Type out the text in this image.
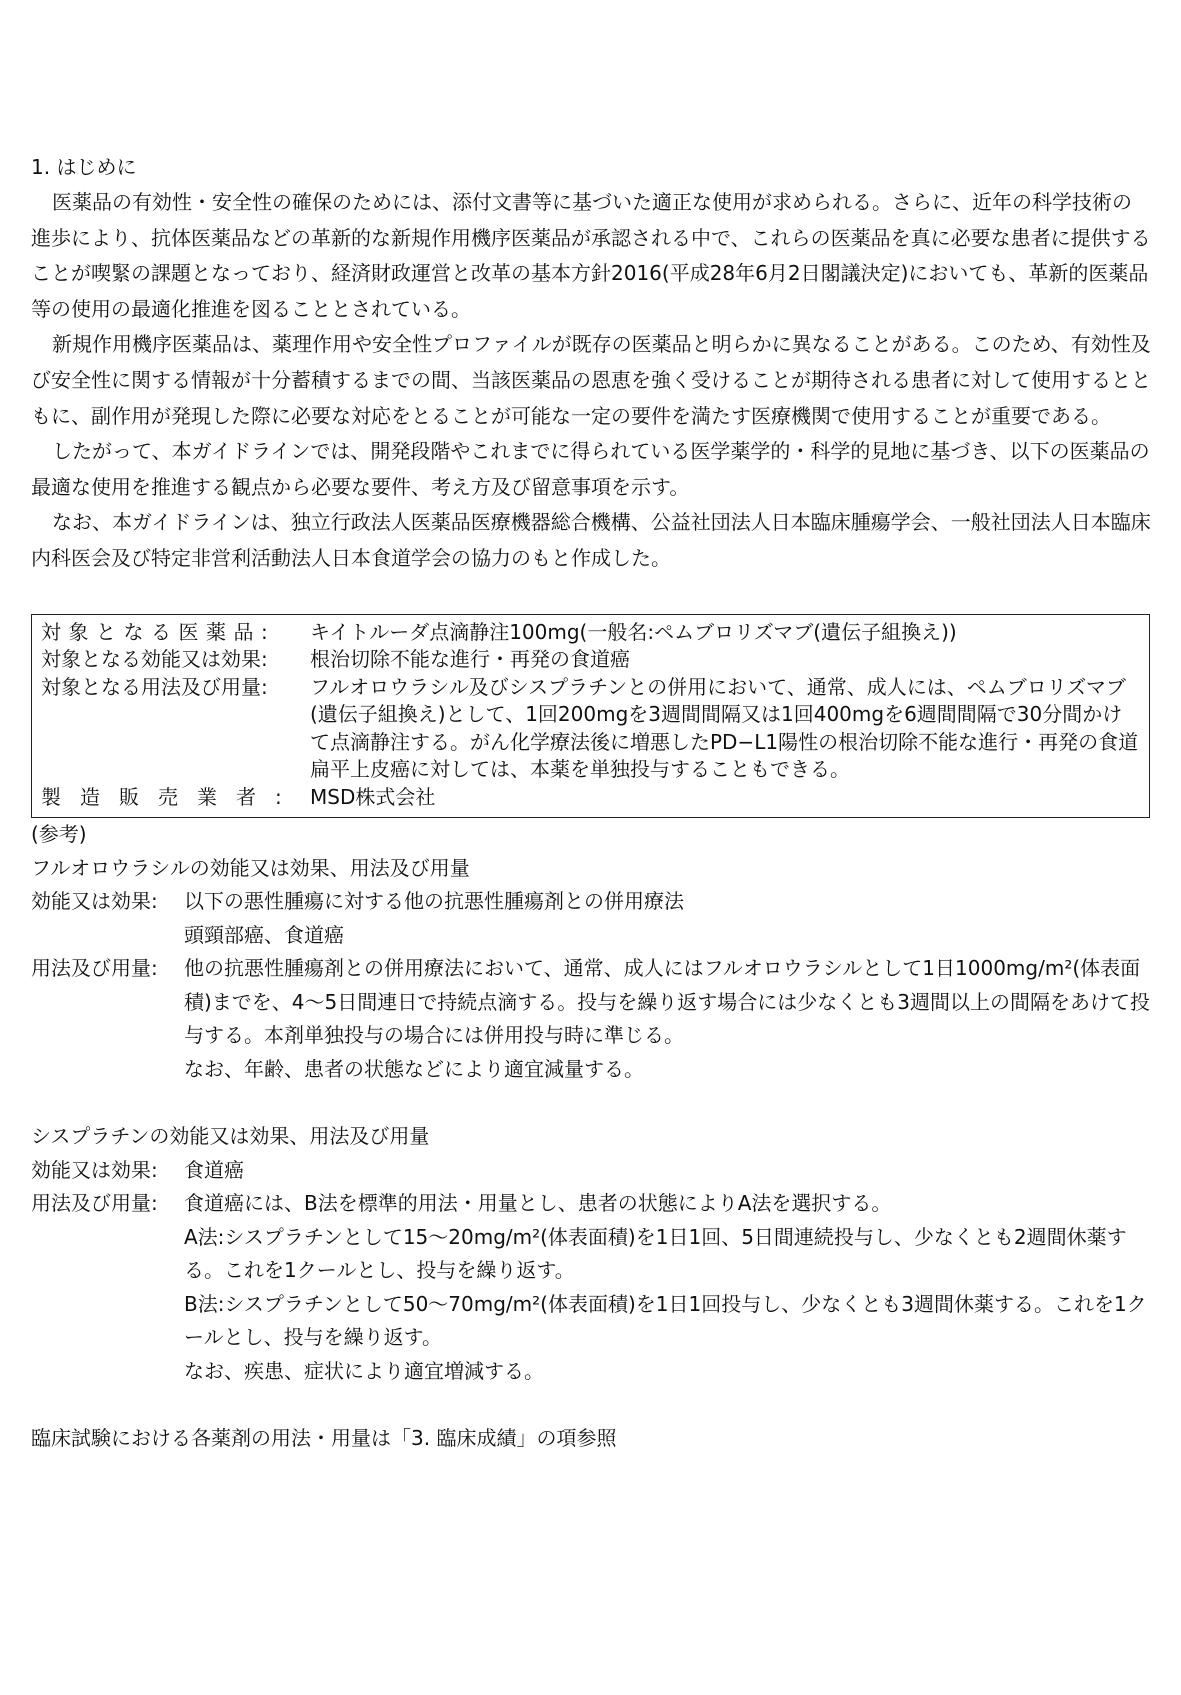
1. はじめに

医薬品の有効性・安全性の確保のためには、添付文書等に基づいた適正な使用が求められる。さらに、近年の科学技術の進歩により、抗体医薬品などの革新的な新規作用機序医薬品が承認される中で、これらの医薬品を真に必要な患者に提供することが喫緊の課題となっており、経済財政運営と改革の基本方針2016(平成28年6月2日閣議決定)においても、革新的医薬品等の使用の最適化推進を図ることとされている。

新規作用機序医薬品は、薬理作用や安全性プロファイルが既存の医薬品と明らかに異なることがある。このため、有効性及び安全性に関する情報が十分蓄積するまでの間、当該医薬品の恩恵を強く受けることが期待される患者に対して使用するとともに、副作用が発現した際に必要な対応をとることが可能な一定の要件を満たす医療機関で使用することが重要である。

したがって、本ガイドラインでは、開発段階やこれまでに得られている医学薬学的・科学的見地に基づき、以下の医薬品の最適な使用を推進する観点から必要な要件、考え方及び留意事項を示す。

なお、本ガイドラインは、独立行政法人医薬品医療機器総合機構、公益社団法人日本臨床腫瘍学会、一般社団法人日本臨床内科医会及び特定非営利活動法人日本食道学会の協力のもと作成した。

対象となる医薬品:	キイトルーダ点滴静注100mg(一般名:ペムブロリズマブ(遺伝子組換え))
対象となる効能又は効果:	根治切除不能な進行・再発の食道癌
対象となる用法及び用量:	フルオロウラシル及びシスプラチンとの併用において、通常、成人には、ペムブロリズマブ(遺伝子組換え)として、1回200mgを3週間間隔又は1回400mgを6週間間隔で30分間かけて点滴静注する。がん化学療法後に増悪したPD−L1陽性の根治切除不能な進行・再発の食道扁平上皮癌に対しては、本薬を単独投与することもできる。
製造販売業者: MSD株式会社
(参考)
フルオロウラシルの効能又は効果、用法及び用量
効能又は効果:	以下の悪性腫瘍に対する他の抗悪性腫瘍剤との併用療法

頭頸部癌、食道癌

用法及び用量:	他の抗悪性腫瘍剤との併用療法において、通常、成人にはフルオロウラシルとして1日1000mg/m²(体表面積)までを、4〜5日間連日で持続点滴する。投与を繰り返す場合には少なくとも3週間以上の間隔をあけて投与する。本剤単独投与の場合には併用投与時に準じる。

なお、年齢、患者の状態などにより適宜減量する。

シスプラチンの効能又は効果、用法及び用量
効能又は効果:	食道癌
用法及び用量:	食道癌には、B法を標準的用法・用量とし、患者の状態によりA法を選択する。

A法:シスプラチンとして15〜20mg/m²(体表面積)を1日1回、5日間連続投与し、少なくとも2週間休薬する。これを1クールとし、投与を繰り返す。

B法:シスプラチンとして50〜70mg/m²(体表面積)を1日1回投与し、少なくとも3週間休薬する。これを1クールとし、投与を繰り返す。

なお、疾患、症状により適宜増減する。

臨床試験における各薬剤の用法・用量は「3. 臨床成績」の項参照
